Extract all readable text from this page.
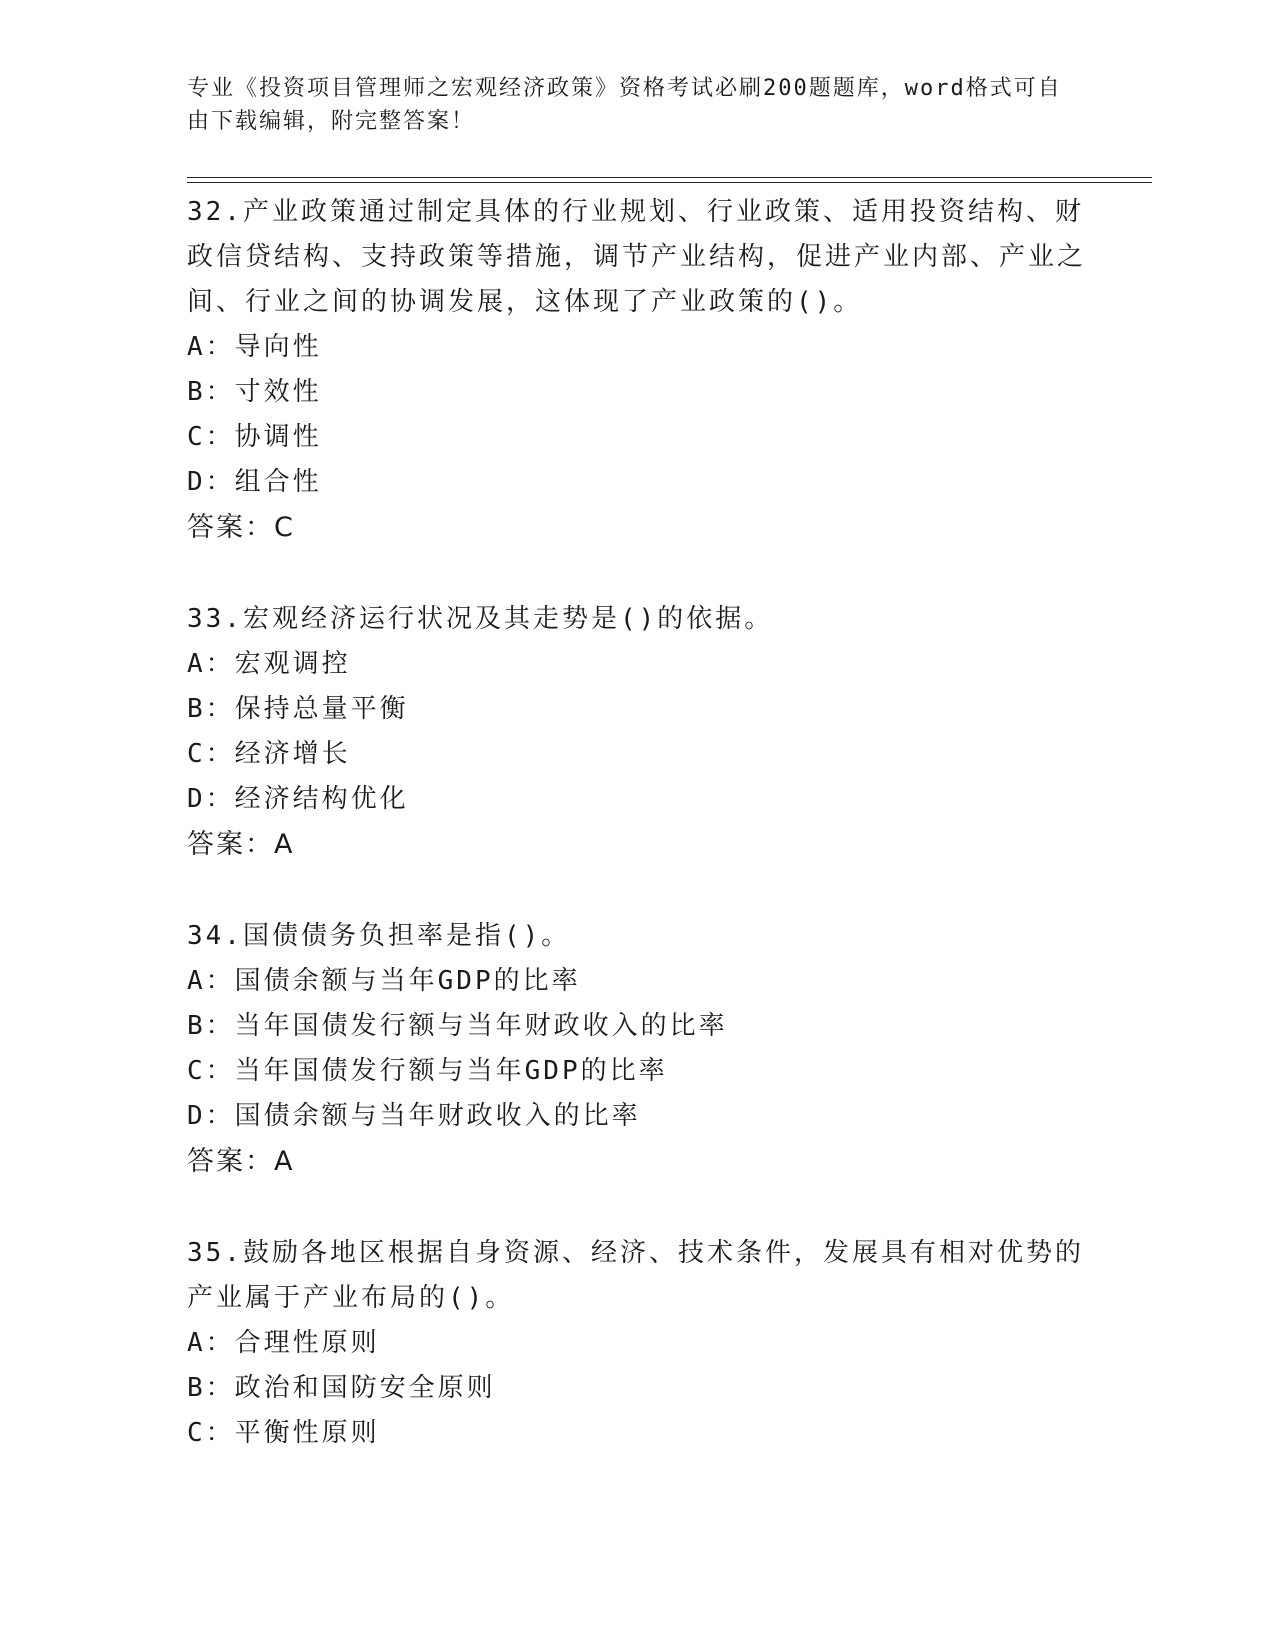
专业《投资项目管理师之宏观经济政策》资格考试必刷200题题库，word格式可自由下载编辑，附完整答案！
32.产业政策通过制定具体的行业规划、行业政策、适用投资结构、财政信贷结构、支持政策等措施，调节产业结构，促进产业内部、产业之间、行业之间的协调发展，这体现了产业政策的()。
A：导向性
B：寸效性
C：协调性
D：组合性
答案：C
33.宏观经济运行状况及其走势是()的依据。
A：宏观调控
B：保持总量平衡
C：经济增长
D：经济结构优化
答案：A
34.国债债务负担率是指()。
A：国债余额与当年GDP的比率
B：当年国债发行额与当年财政收入的比率
C：当年国债发行额与当年GDP的比率
D：国债余额与当年财政收入的比率
答案：A
35.鼓励各地区根据自身资源、经济、技术条件，发展具有相对优势的产业属于产业布局的()。
A：合理性原则
B：政治和国防安全原则
C：平衡性原则
